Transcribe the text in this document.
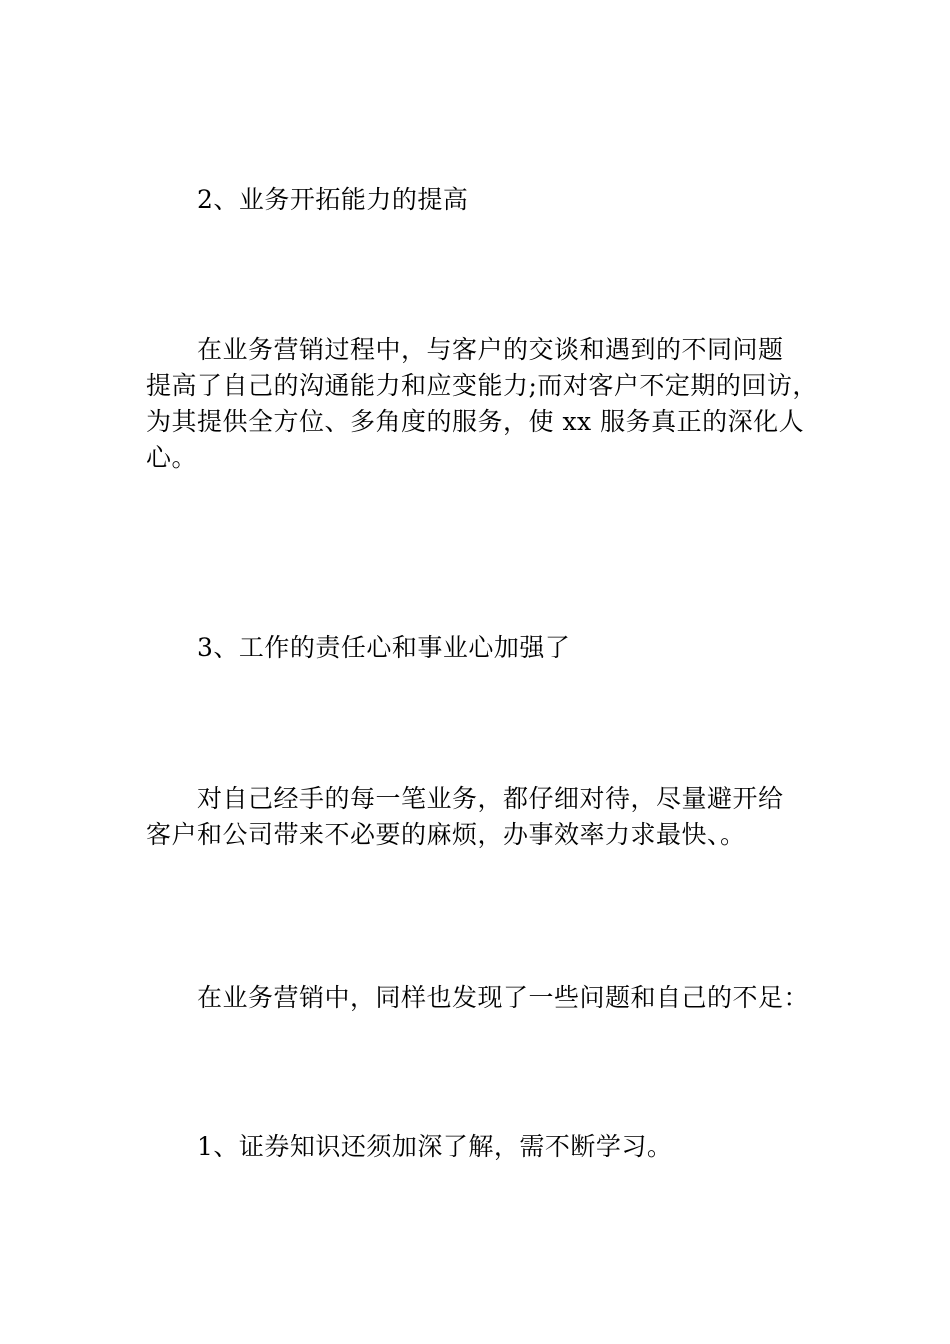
2、业务开拓能力的提高

在业务营销过程中，与客户的交谈和遇到的不同问题
提高了自己的沟通能力和应变能力;而对客户不定期的回访，
为其提供全方位、多角度的服务，使 xx 服务真正的深化人
心。

3、工作的责任心和事业心加强了

对自己经手的每一笔业务，都仔细对待，尽量避开给
客户和公司带来不必要的麻烦，办事效率力求最快、。

在业务营销中，同样也发现了一些问题和自己的不足：

1、证券知识还须加深了解，需不断学习。
